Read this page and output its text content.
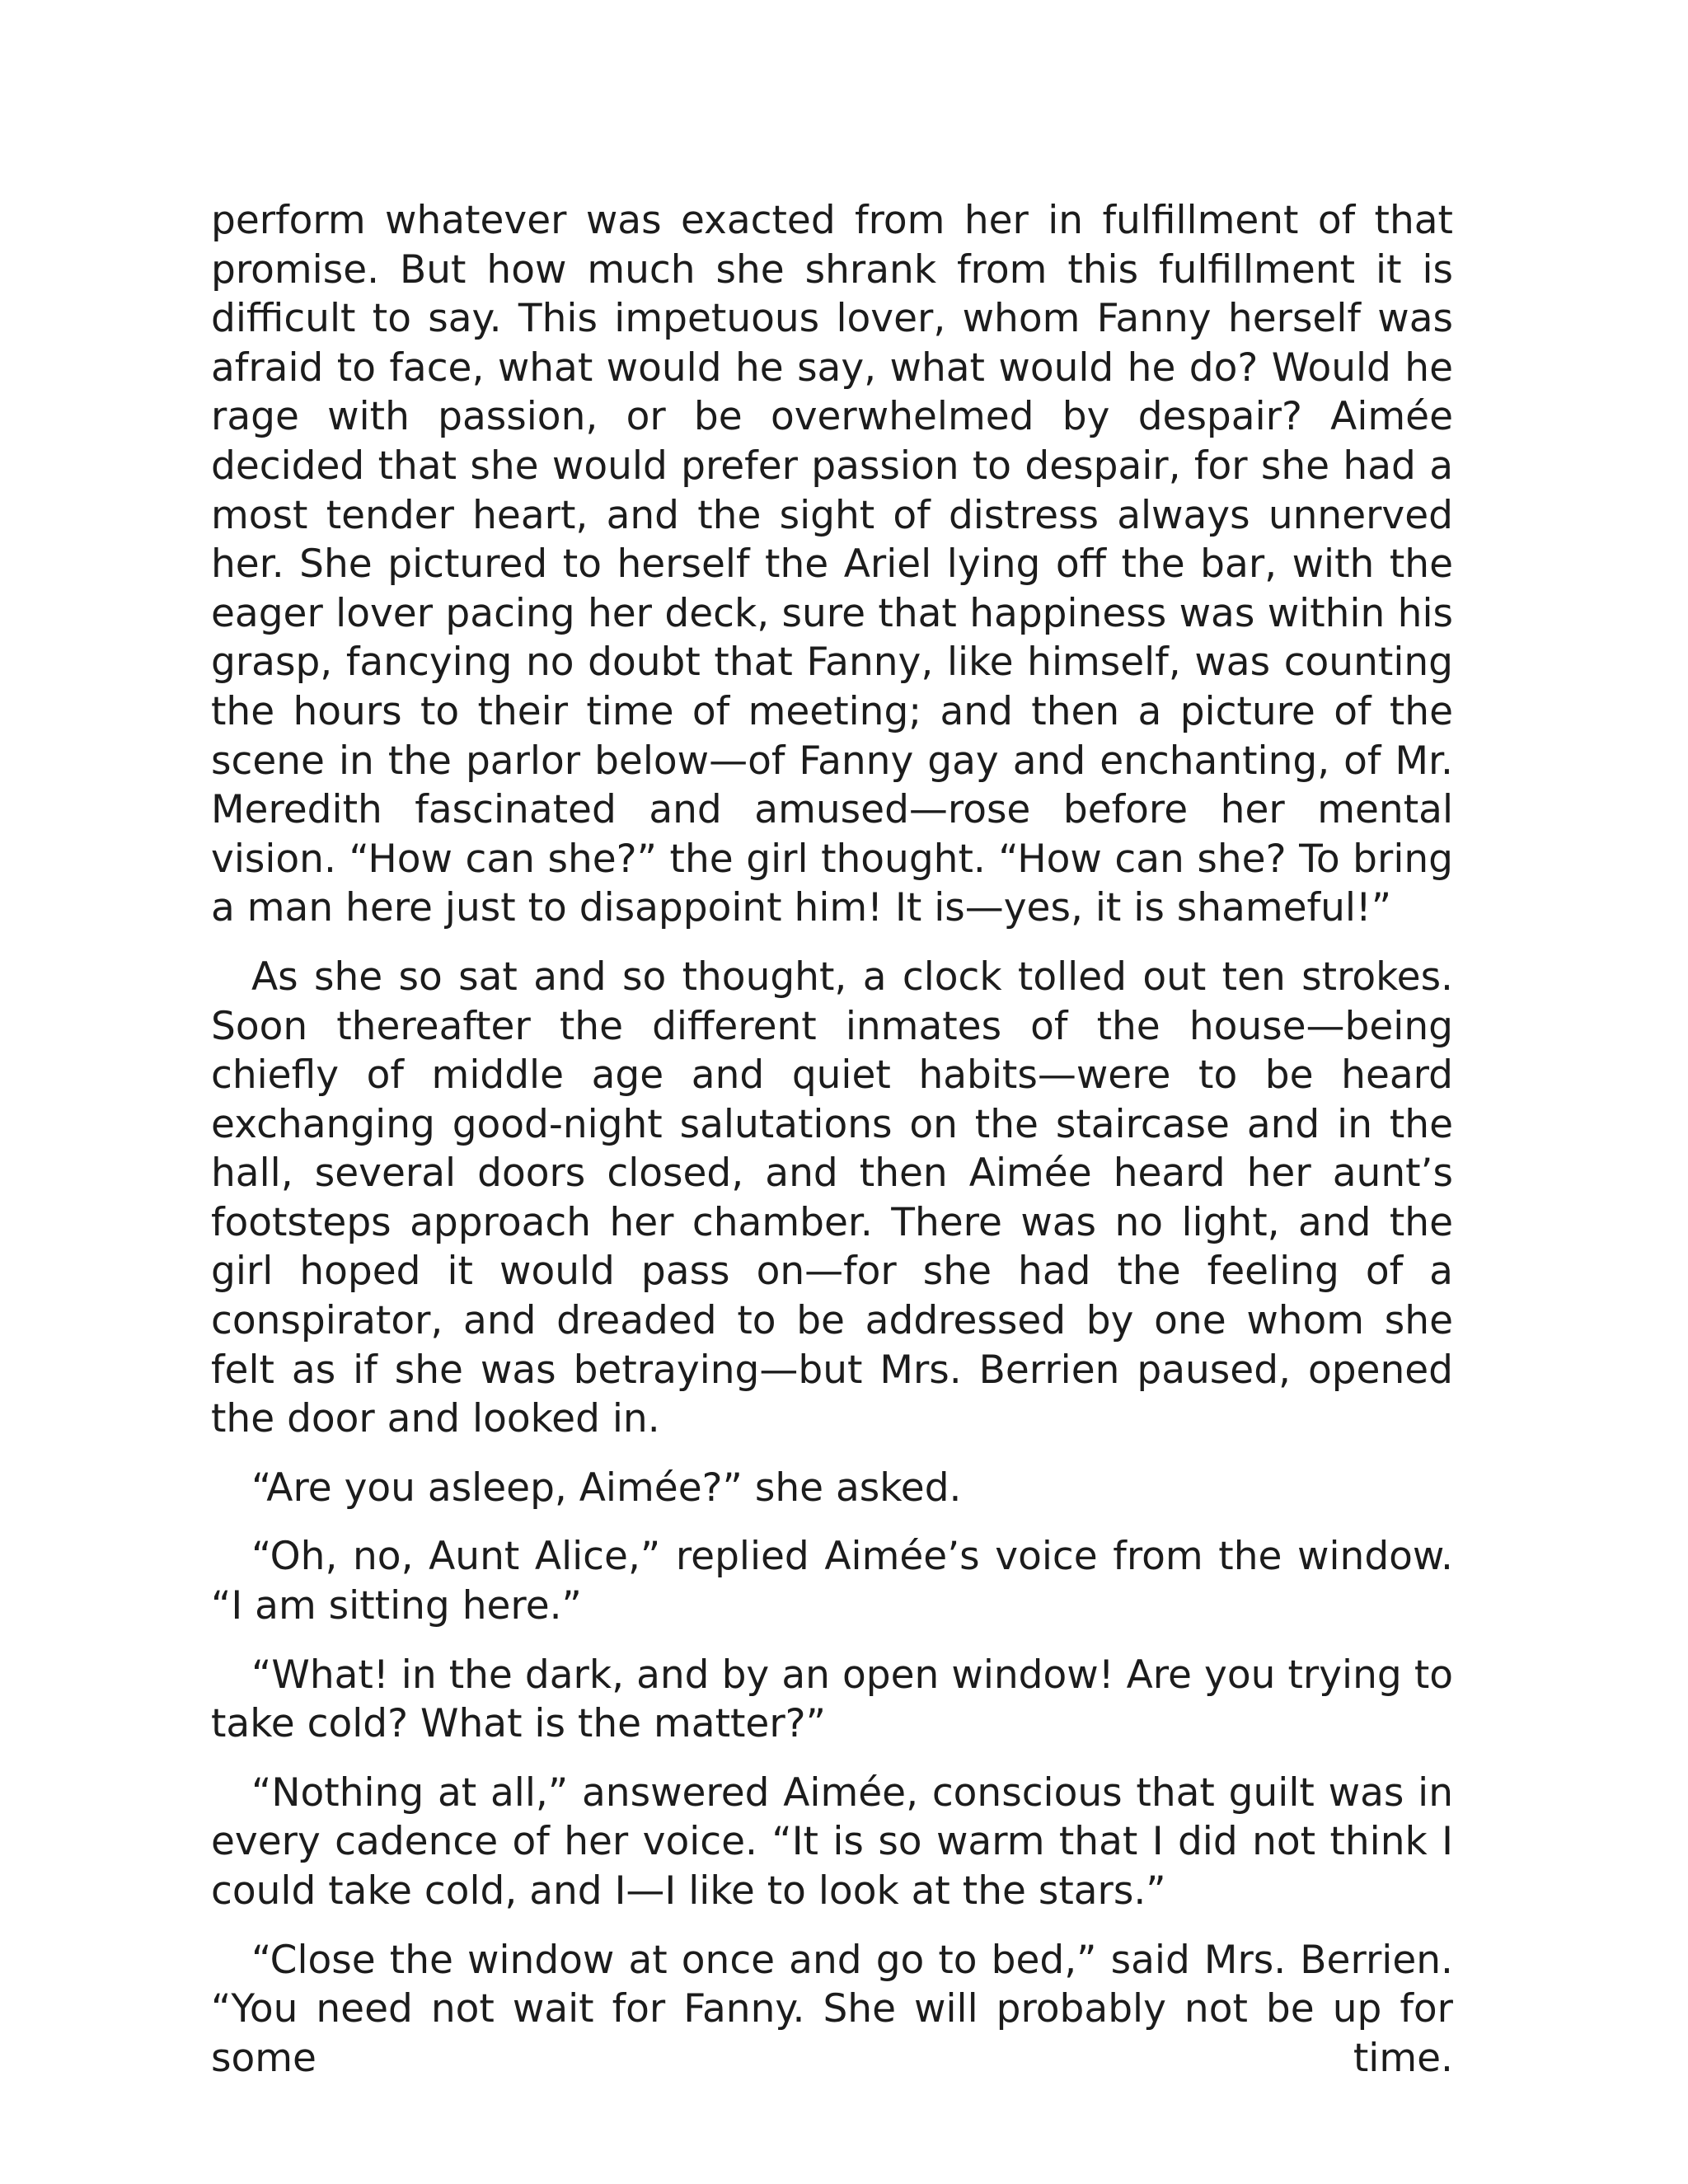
perform whatever was exacted from her in fulfillment of that promise. But how much she shrank from this fulfillment it is difficult to say. This impetuous lover, whom Fanny herself was afraid to face, what would he say, what would he do? Would he rage with passion, or be overwhelmed by despair? Aimée decided that she would prefer passion to despair, for she had a most tender heart, and the sight of distress always unnerved her. She pictured to herself the Ariel lying off the bar, with the eager lover pacing her deck, sure that happiness was within his grasp, fancying no doubt that Fanny, like himself, was counting the hours to their time of meeting; and then a picture of the scene in the parlor below—of Fanny gay and enchanting, of Mr. Meredith fascinated and amused—rose before her mental vision. “How can she?” the girl thought. “How can she? To bring a man here just to disappoint him! It is—yes, it is shameful!”

As she so sat and so thought, a clock tolled out ten strokes. Soon thereafter the different inmates of the house—being chiefly of middle age and quiet habits—were to be heard exchanging good-night salutations on the staircase and in the hall, several doors closed, and then Aimée heard her aunt’s footsteps approach her chamber. There was no light, and the girl hoped it would pass on—for she had the feeling of a conspirator, and dreaded to be addressed by one whom she felt as if she was betraying—but Mrs. Berrien paused, opened the door and looked in.

“Are you asleep, Aimée?” she asked.

“Oh, no, Aunt Alice,” replied Aimée’s voice from the window. “I am sitting here.”

“What! in the dark, and by an open window! Are you trying to take cold? What is the matter?”

“Nothing at all,” answered Aimée, conscious that guilt was in every cadence of her voice. “It is so warm that I did not think I could take cold, and I—I like to look at the stars.”

“Close the window at once and go to bed,” said Mrs. Berrien. “You need not wait for Fanny. She will probably not be up for some time.
